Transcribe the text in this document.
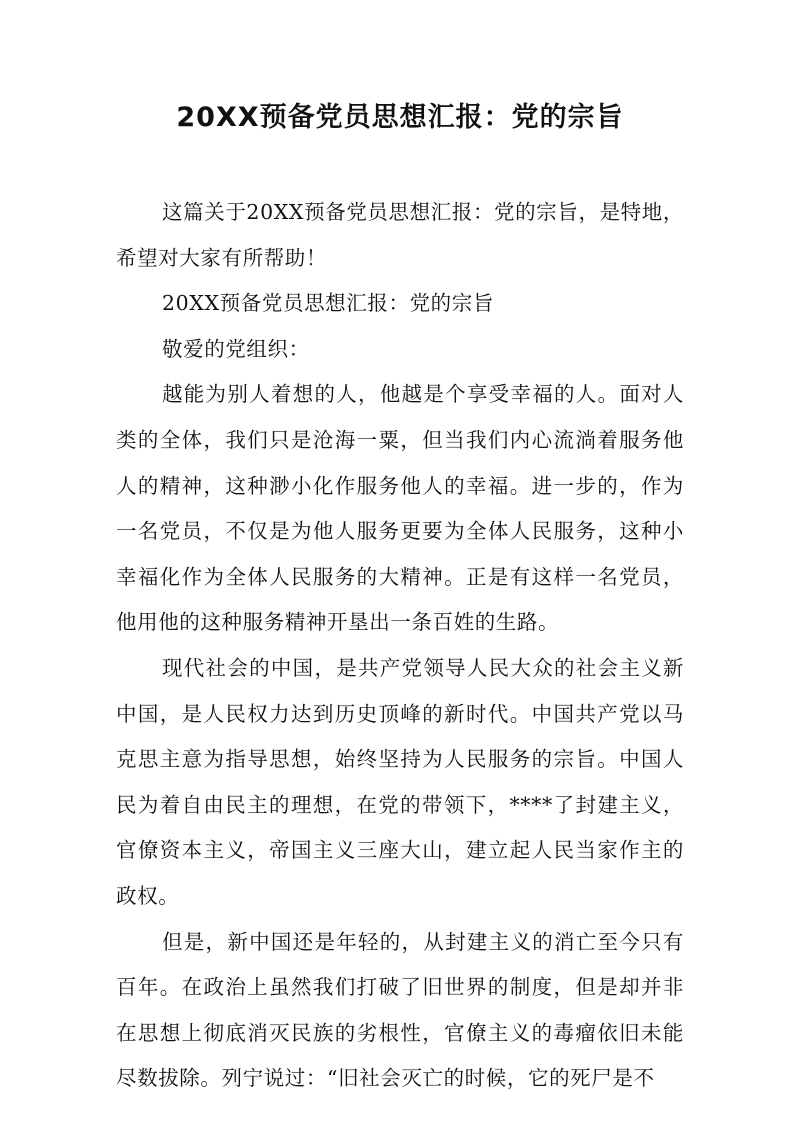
20XX预备党员思想汇报：党的宗旨

这篇关于20XX预备党员思想汇报：党的宗旨，是特地，希望对大家有所帮助！

20XX预备党员思想汇报：党的宗旨

敬爱的党组织：

越能为别人着想的人，他越是个享受幸福的人。面对人类的全体，我们只是沧海一粟，但当我们内心流淌着服务他人的精神，这种渺小化作服务他人的幸福。进一步的，作为一名党员，不仅是为他人服务更要为全体人民服务，这种小幸福化作为全体人民服务的大精神。正是有这样一名党员，他用他的这种服务精神开垦出一条百姓的生路。

现代社会的中国，是共产党领导人民大众的社会主义新中国，是人民权力达到历史顶峰的新时代。中国共产党以马克思主意为指导思想，始终坚持为人民服务的宗旨。中国人民为着自由民主的理想，在党的带领下，****了封建主义，官僚资本主义，帝国主义三座大山，建立起人民当家作主的政权。

但是，新中国还是年轻的，从封建主义的消亡至今只有百年。在政治上虽然我们打破了旧世界的制度，但是却并非在思想上彻底消灭民族的劣根性，官僚主义的毒瘤依旧未能尽数拔除。列宁说过：“旧社会灭亡的时候，它的死尸是不
